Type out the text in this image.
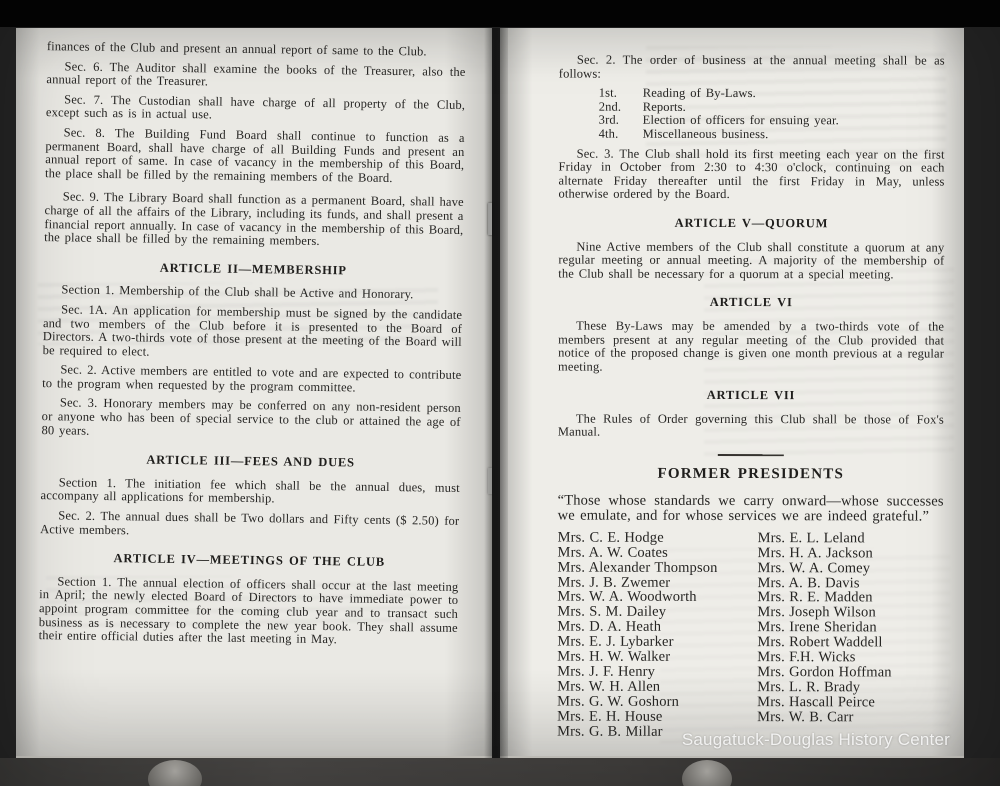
finances of the Club and present an annual report of same to the Club.

Sec. 6. The Auditor shall examine the books of the Treasurer, also the annual report of the Treasurer.

Sec. 7. The Custodian shall have charge of all property of the Club, except such as is in actual use.

Sec. 8. The Building Fund Board shall continue to function as a permanent Board, shall have charge of all Building Funds and present an annual report of same. In case of vacancy in the membership of this Board, the place shall be filled by the remaining members of the Board.

Sec. 9. The Library Board shall function as a permanent Board, shall have charge of all the affairs of the Library, including its funds, and shall present a financial report annually. In case of vacancy in the membership of this Board, the place shall be filled by the remaining members.

ARTICLE II—MEMBERSHIP

Section 1. Membership of the Club shall be Active and Honorary.

Sec. 1A. An application for membership must be signed by the candidate and two members of the Club before it is presented to the Board of Directors. A two-thirds vote of those present at the meeting of the Board will be required to elect.

Sec. 2. Active members are entitled to vote and are expected to contribute to the program when requested by the program committee.

Sec. 3. Honorary members may be conferred on any non-resident person or anyone who has been of special service to the club or attained the age of 80 years.

ARTICLE III—FEES AND DUES

Section 1. The initiation fee which shall be the annual dues, must accompany all applications for membership.

Sec. 2. The annual dues shall be Two dollars and Fifty cents ($ 2.50) for Active members.

ARTICLE IV—MEETINGS OF THE CLUB

Section 1. The annual election of officers shall occur at the last meeting in April; the newly elected Board of Directors to have immediate power to appoint program committee for the coming club year and to transact such business as is necessary to complete the new year book. They shall assume their entire official duties after the last meeting in May.

Sec. 2. The order of business at the annual meeting shall be as follows:

1st.	Reading of By-Laws.
2nd.	Reports.
3rd.	Election of officers for ensuing year.
4th.	Miscellaneous business.

Sec. 3. The Club shall hold its first meeting each year on the first Friday in October from 2:30 to 4:30 o'clock, continuing on each alternate Friday thereafter until the first Friday in May, unless otherwise ordered by the Board.

ARTICLE V—QUORUM

Nine Active members of the Club shall constitute a quorum at any regular meeting or annual meeting. A majority of the membership of the Club shall be necessary for a quorum at a special meeting.

ARTICLE VI

These By-Laws may be amended by a two-thirds vote of the members present at any regular meeting of the Club provided that notice of the proposed change is given one month previous at a regular meeting.

ARTICLE VII

The Rules of Order governing this Club shall be those of Fox's Manual.

FORMER PRESIDENTS

“Those whose standards we carry onward—whose successes we emulate, and for whose services we are indeed grateful.”

Mrs. C. E. Hodge
Mrs. A. W. Coates
Mrs. Alexander Thompson
Mrs. J. B. Zwemer
Mrs. W. A. Woodworth
Mrs. S. M. Dailey
Mrs. D. A. Heath
Mrs. E. J. Lybarker
Mrs. H. W. Walker
Mrs. J. F. Henry
Mrs. W. H. Allen
Mrs. G. W. Goshorn
Mrs. E. H. House
Mrs. G. B. Millar
Mrs. E. L. Leland
Mrs. H. A. Jackson
Mrs. W. A. Comey
Mrs. A. B. Davis
Mrs. R. E. Madden
Mrs. Joseph Wilson
Mrs. Irene Sheridan
Mrs. Robert Waddell
Mrs. F.H. Wicks
Mrs. Gordon Hoffman
Mrs. L. R. Brady
Mrs. Hascall Peirce
Mrs. W. B. Carr
Saugatuck-Douglas History Center
